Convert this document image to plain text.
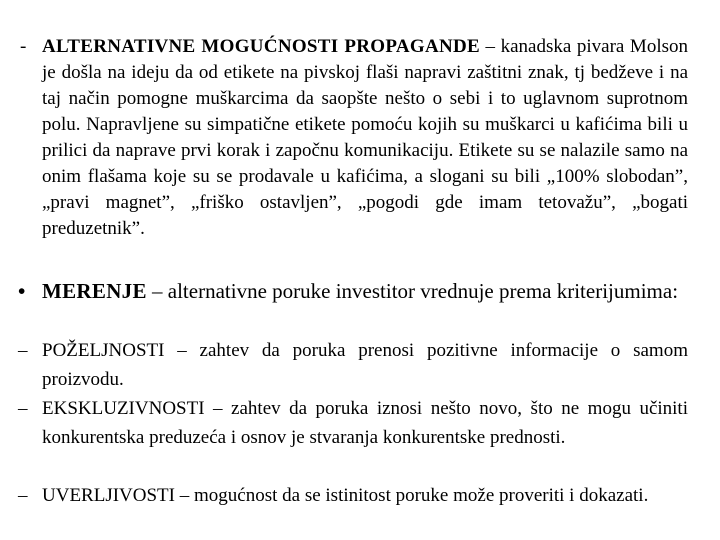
- ALTERNATIVNE MOGUĆNOSTI PROPAGANDE – kanadska pivara Molson je došla na ideju da od etikete na pivskoj flaši napravi zaštitni znak, tj bedževe i na taj način pomogne muškarcima da saopšte nešto o sebi i to uglavnom suprotnom polu. Napravljene su simpatične etikete pomoću kojih su muškarci u kafićima bili u prilici da naprave prvi korak i započnu komunikaciju. Etikete su se nalazile samo na onim flašama koje su se prodavale u kafićima, a slogani su bili „100% slobodan”, „pravi magnet”, „friško ostavljen”, „pogodi gde imam tetovažu”, „bogati preduzetnik”.
• MERENJE – alternativne poruke investitor vrednuje prema kriterijumima:
– POŽELJNOSTI – zahtev da poruka prenosi pozitivne informacije o samom proizvodu.
– EKSKLUZIVNOSTI – zahtev da poruka iznosi nešto novo, što ne mogu učiniti konkurentska preduzeća i osnov je stvaranja konkurentske prednosti.
– UVERLJIVOSTI – mogućnost da se istinitost poruke može proveriti i dokazati.
